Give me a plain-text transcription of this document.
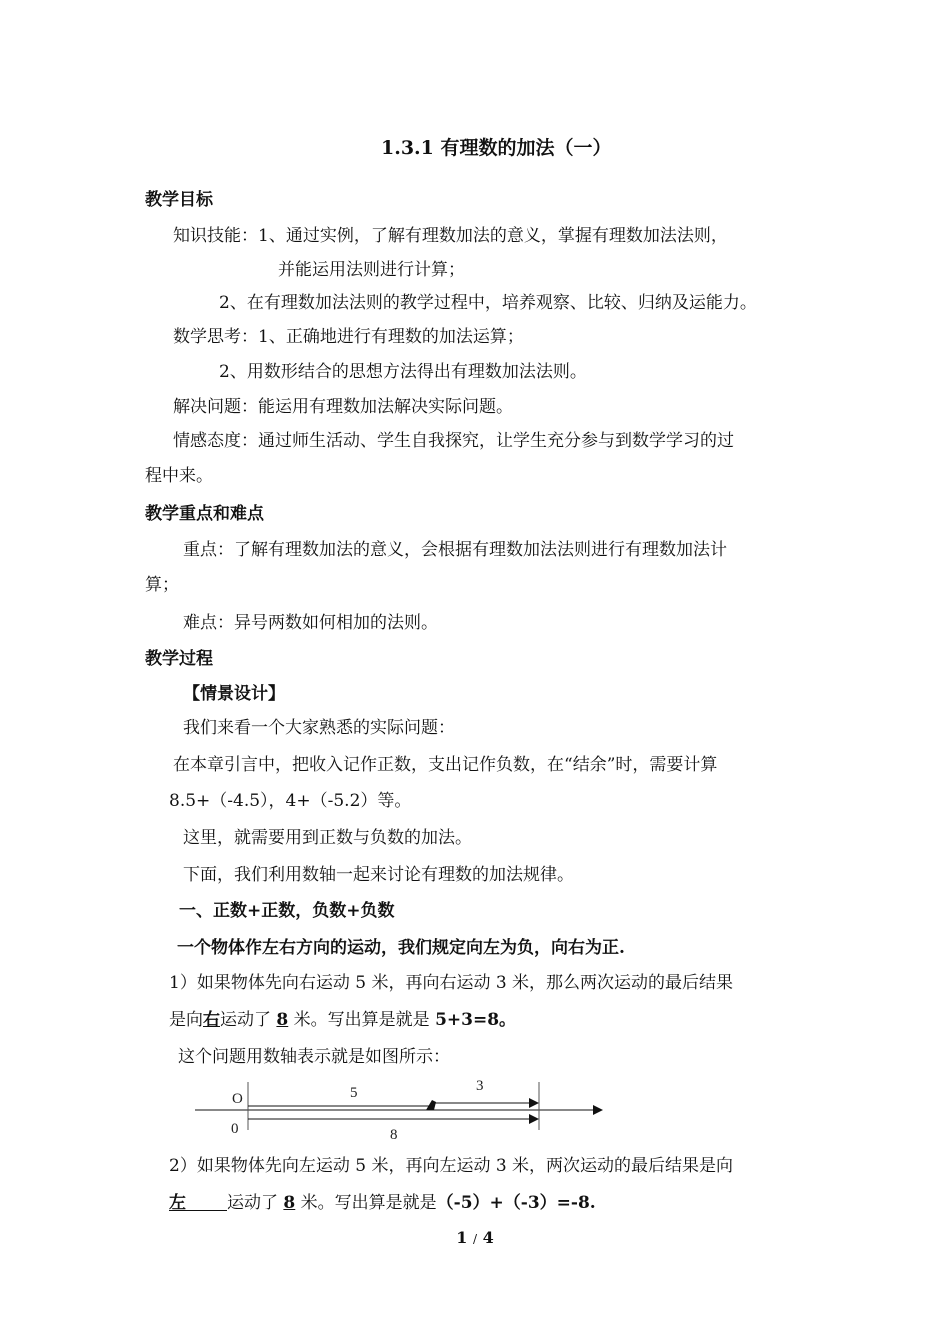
1.3.1 有理数的加法（一）
教学目标
知识技能：1、通过实例，了解有理数加法的意义，掌握有理数加法法则，
并能运用法则进行计算；
2、在有理数加法法则的教学过程中，培养观察、比较、归纳及运能力。
数学思考：1、正确地进行有理数的加法运算；
2、用数形结合的思想方法得出有理数加法法则。
解决问题：能运用有理数加法解决实际问题。
情感态度：通过师生活动、学生自我探究，让学生充分参与到数学学习的过
程中来。
教学重点和难点
重点：了解有理数加法的意义，会根据有理数加法法则进行有理数加法计
算；
难点：异号两数如何相加的法则。
教学过程
【情景设计】
我们来看一个大家熟悉的实际问题：
在本章引言中，把收入记作正数，支出记作负数，在“结余”时，需要计算
8.5+（-4.5），4+（-5.2）等。
这里，就需要用到正数与负数的加法。
下面，我们利用数轴一起来讨论有理数的加法规律。
一、正数+正数，负数+负数
一个物体作左右方向的运动，我们规定向左为负，向右为正.
1）如果物体先向右运动 5 米，再向右运动 3 米，那么两次运动的最后结果
是向右运动了 8 米。写出算是就是 5+3=8。
这个问题用数轴表示就是如图所示：
O
0
5	3
8
2）如果物体先向左运动 5 米，再向左运动 3 米，两次运动的最后结果是向
左 运动了 8 米。写出算是就是（-5）+（-3）=-8.
1 / 4
